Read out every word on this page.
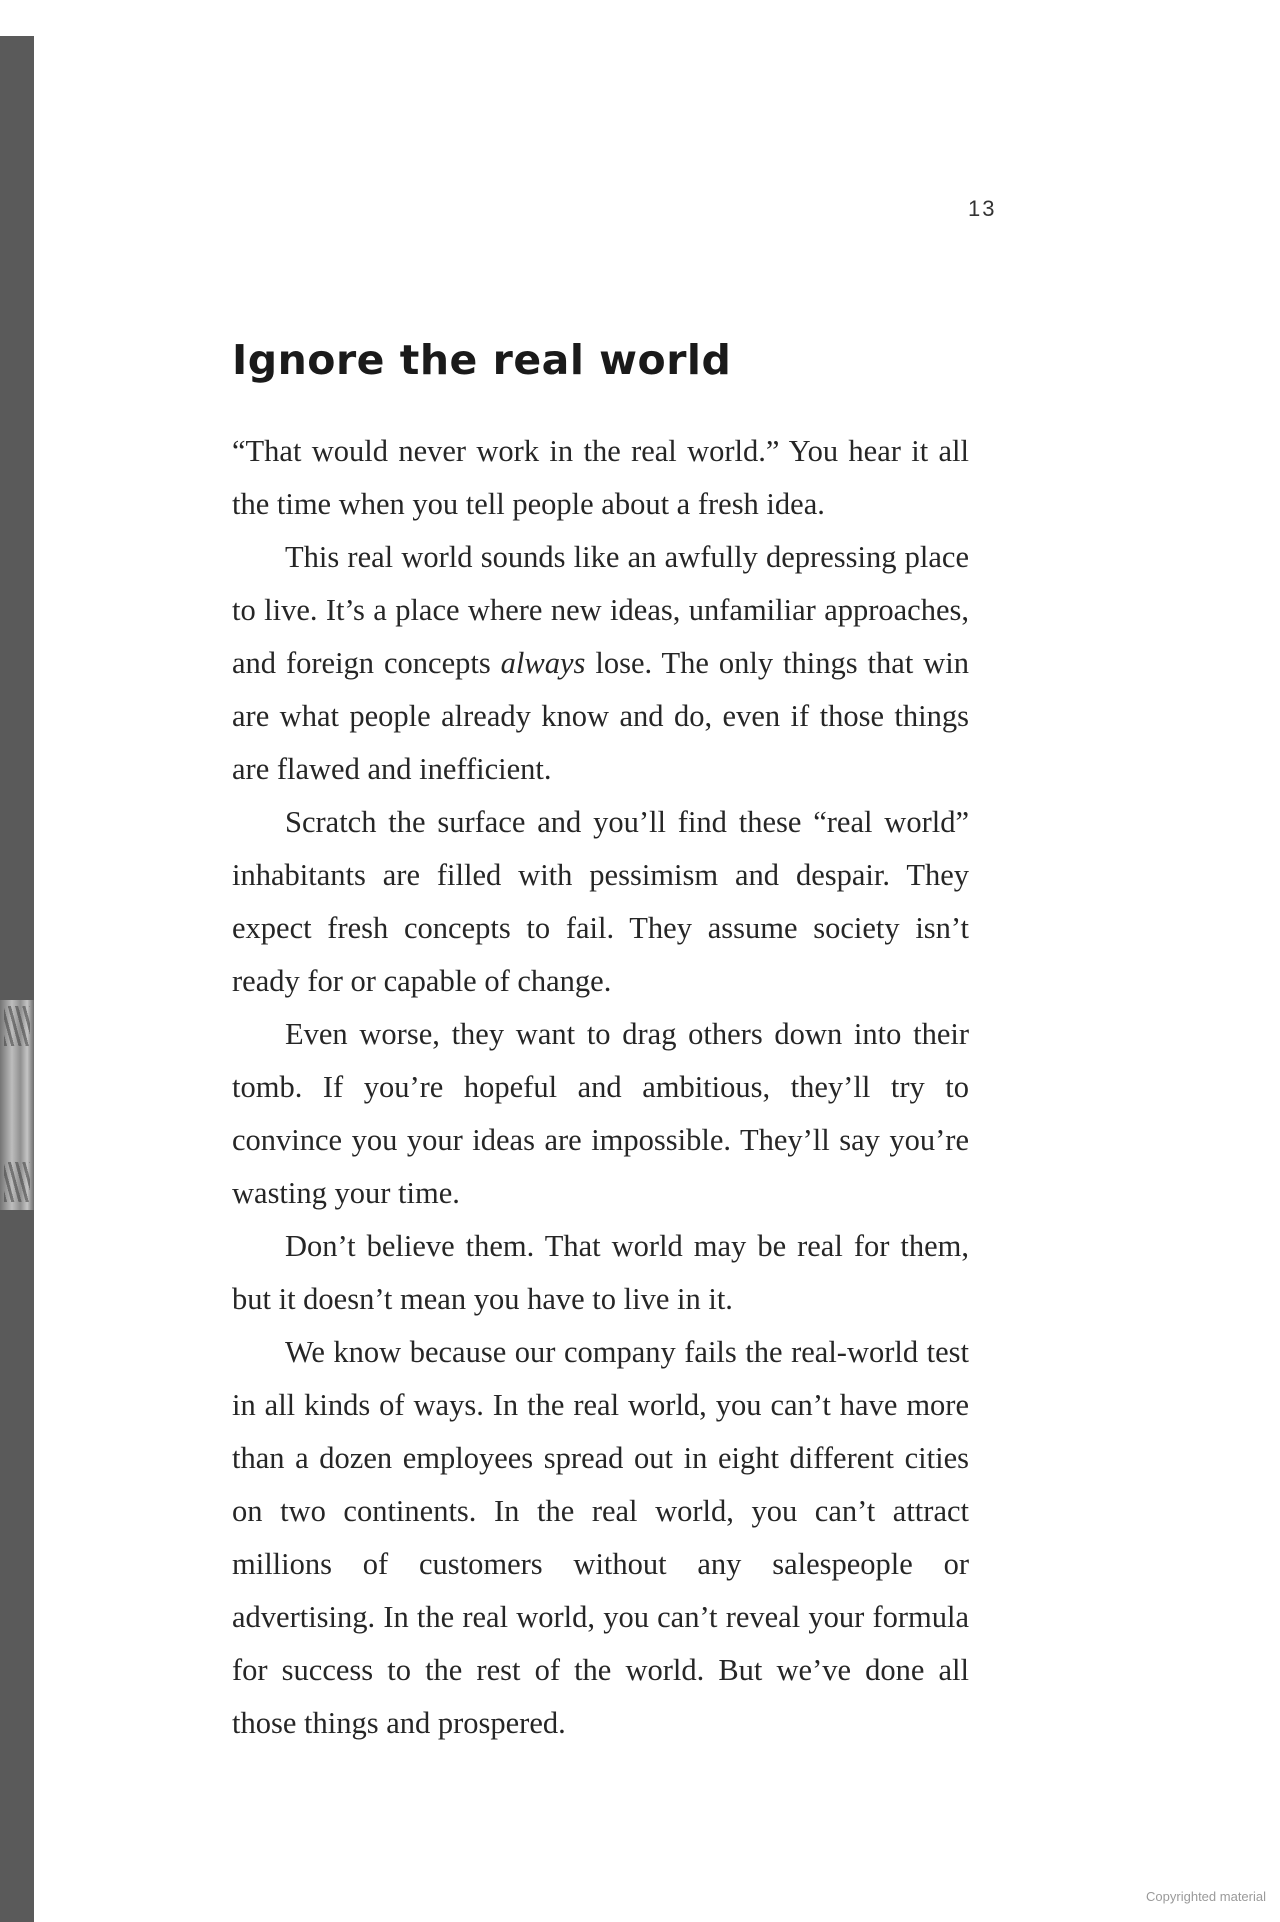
13
Ignore the real world

“That would never work in the real world.” You hear it all the time when you tell people about a fresh idea.

This real world sounds like an awfully depressing place to live. It’s a place where new ideas, unfamiliar approaches, and foreign concepts always lose. The only things that win are what people already know and do, even if those things are flawed and inefficient.

Scratch the surface and you’ll find these “real world” inhabitants are filled with pessimism and despair. They expect fresh concepts to fail. They assume society isn’t ready for or capable of change.

Even worse, they want to drag others down into their tomb. If you’re hopeful and ambitious, they’ll try to convince you your ideas are impossible. They’ll say you’re wasting your time.

Don’t believe them. That world may be real for them, but it doesn’t mean you have to live in it.

We know because our company fails the real-world test in all kinds of ways. In the real world, you can’t have more than a dozen employees spread out in eight different cities on two continents. In the real world, you can’t attract millions of customers without any salespeople or advertising. In the real world, you can’t reveal your formula for success to the rest of the world. But we’ve done all those things and prospered.

Copyrighted material
